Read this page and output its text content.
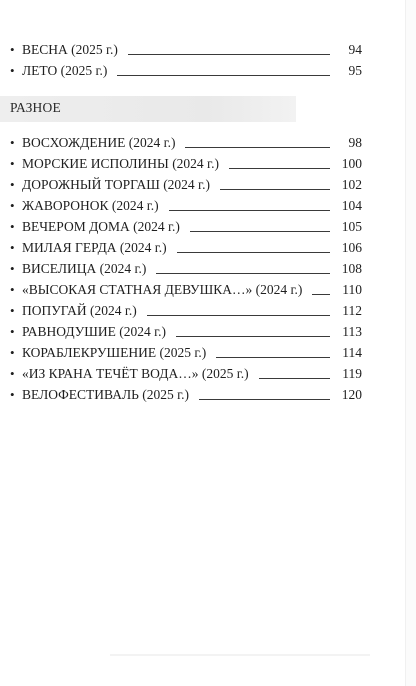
• ВЕСНА (2025 г.)	94
• ЛЕТО (2025 г.)	95
РАЗНОЕ
• ВОСХОЖДЕНИЕ (2024 г.)	98
• МОРСКИЕ ИСПОЛИНЫ (2024 г.)	100
• ДОРОЖНЫЙ ТОРГАШ (2024 г.)	102
• ЖАВОРОНОК (2024 г.)	104
• ВЕЧЕРОМ ДОМА (2024 г.)	105
• МИЛАЯ ГЕРДА (2024 г.)	106
• ВИСЕЛИЦА (2024 г.)	108
• «ВЫСОКАЯ СТАТНАЯ ДЕВУШКА…» (2024 г.)	110
• ПОПУГАЙ (2024 г.)	112
• РАВНОДУШИЕ (2024 г.)	113
• КОРАБЛЕКРУШЕНИЕ (2025 г.)	114
• «ИЗ КРАНА ТЕЧЁТ ВОДА…» (2025 г.)	119
• ВЕЛОФЕСТИВАЛЬ (2025 г.)	120
